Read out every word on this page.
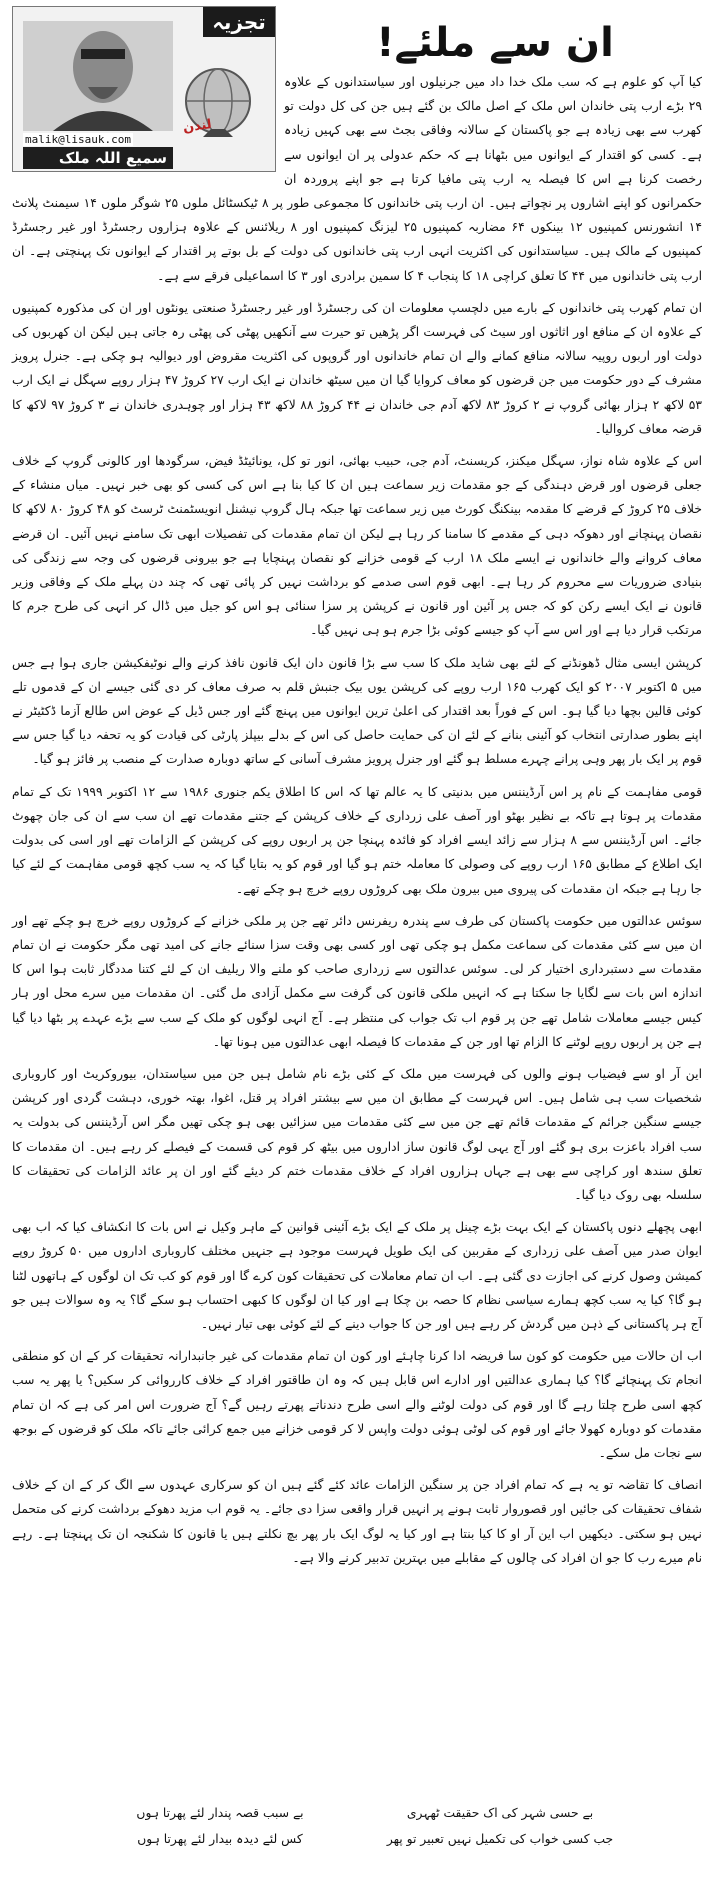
تجزیہ
لندن
malik@lisauk.com
سمیع اللہ ملک
ان سے ملئے!

کیا آپ کو علوم ہے کہ سب ملک خدا داد میں جرنیلوں اور سیاستدانوں کے علاوہ ۲۹ بڑے ارب پتی خاندان اس ملک کے اصل مالک بن گئے ہیں جن کی کل دولت تو کھرب سے بھی زیادہ ہے جو پاکستان کے سالانہ وفاقی بجٹ سے بھی کہیں زیادہ ہے۔ کسی کو اقتدار کے ایوانوں میں بٹھانا ہے کہ حکم عدولی پر ان ایوانوں سے رخصت کرنا ہے اس کا فیصلہ یہ ارب پتی مافیا کرتا ہے جو اپنے پروردہ ان حکمرانوں کو اپنے اشاروں پر نچواتے ہیں۔ ان ارب پتی خاندانوں کا مجموعی طور پر ۸ ٹیکسٹائل ملوں ۲۵ شوگر ملوں ۱۴ سیمنٹ پلانٹ ۱۴ انشورنس کمپنیوں ۱۲ بینکوں ۶۴ مضاربہ کمپنیوں ۲۵ لیزنگ کمپنیوں اور ۸ ریلائنس کے علاوہ ہزاروں رجسٹرڈ اور غیر رجسٹرڈ کمپنیوں کے مالک ہیں۔ سیاستدانوں کی اکثریت انہی ارب پتی خاندانوں کی دولت کے بل بوتے پر اقتدار کے ایوانوں تک پہنچتی ہے۔ ان ارب پتی خاندانوں میں ۴۴ کا تعلق کراچی ۱۸ کا پنجاب ۴ کا سمین برادری اور ۳ کا اسماعیلی فرقے سے ہے۔

ان تمام کھرب پتی خاندانوں کے بارے میں دلچسپ معلومات ان کی رجسٹرڈ اور غیر رجسٹرڈ صنعتی یونٹوں اور ان کی مذکورہ کمپنیوں کے علاوہ ان کے منافع اور اثاثوں اور سیٹ کی فہرست اگر پڑھیں تو حیرت سے آنکھیں پھٹی کی پھٹی رہ جاتی ہیں لیکن ان کھربوں کی دولت اور اربوں روپیہ سالانہ منافع کمانے والے ان تمام خاندانوں اور گروپوں کی اکثریت مقروض اور دیوالیہ ہو چکی ہے۔ جنرل پرویز مشرف کے دور حکومت میں جن قرضوں کو معاف کروایا گیا ان میں سیٹھ خاندان نے ایک ارب ۲۷ کروڑ ۴۷ ہزار روپے سہگل نے ایک ارب ۵۳ لاکھ ۲ ہزار بھائی گروپ نے ۲ کروڑ ۸۳ لاکھ آدم جی خاندان نے ۴۴ کروڑ ۸۸ لاکھ ۴۳ ہزار اور چوہدری خاندان نے ۳ کروڑ ۹۷ لاکھ کا قرضہ معاف کروالیا۔

اس کے علاوہ شاہ نواز، سہگل میکنز، کریسنٹ، آدم جی، حبیب بھائی، انور تو کل، یونائیٹڈ فیض، سرگودھا اور کالونی گروپ کے خلاف جعلی قرضوں اور قرض دہندگی کے جو مقدمات زیر سماعت ہیں ان کا کیا بنا ہے اس کی کسی کو بھی خبر نہیں۔ میاں منشاء کے خلاف ۲۵ کروڑ کے قرضے کا مقدمہ بینکنگ کورٹ میں زیر سماعت تھا جبکہ ہال گروپ نیشنل انویسٹمنٹ ٹرسٹ کو ۴۸ کروڑ ۸۰ لاکھ کا نقصان پہنچانے اور دھوکہ دہی کے مقدمے کا سامنا کر رہا ہے لیکن ان تمام مقدمات کی تفصیلات ابھی تک سامنے نہیں آئیں۔ ان قرضے معاف کروانے والے خاندانوں نے ایسے ملک ۱۸ ارب کے قومی خزانے کو نقصان پہنچایا ہے جو بیرونی قرضوں کی وجہ سے زندگی کی بنیادی ضروریات سے محروم کر رہا ہے۔ ابھی قوم اسی صدمے کو برداشت نہیں کر پائی تھی کہ چند دن پہلے ملک کے وفاقی وزیر قانون نے ایک ایسے رکن کو کہ جس پر آئین اور قانون نے کرپشن پر سزا سنائی ہو اس کو جیل میں ڈال کر انہی کی طرح جرم کا مرتکب قرار دیا ہے اور اس سے آپ کو جیسے کوئی بڑا جرم ہو ہی نہیں گیا۔

کرپشن ایسی مثال ڈھونڈنے کے لئے بھی شاید ملک کا سب سے بڑا قانون دان ایک قانون نافذ کرنے والے نوٹیفکیشن جاری ہوا ہے جس میں ۵ اکتوبر ۲۰۰۷ کو ایک کھرب ۱۶۵ ارب روپے کی کرپشن یوں بیک جنبش قلم بہ صرف معاف کر دی گئی جیسے ان کے قدموں تلے کوئی قالین بچھا دیا گیا ہو۔ اس کے فوراً بعد اقتدار کی اعلیٰ ترین ایوانوں میں پہنچ گئے اور جس ڈیل کے عوض اس طالع آزما ڈکٹیٹر نے اپنے بطور صدارتی انتخاب کو آئینی بنانے کے لئے ان کی حمایت حاصل کی اس کے بدلے بیپلز پارٹی کی قیادت کو یہ تحفہ دیا گیا جس سے قوم پر ایک بار پھر وہی پرانے چہرے مسلط ہو گئے اور جنرل پرویز مشرف آسانی کے ساتھ دوبارہ صدارت کے منصب پر فائز ہو گیا۔

قومی مفاہمت کے نام پر اس آرڈیننس میں بدنیتی کا یہ عالم تھا کہ اس کا اطلاق یکم جنوری ۱۹۸۶ سے ۱۲ اکتوبر ۱۹۹۹ تک کے تمام مقدمات پر ہوتا ہے تاکہ بے نظیر بھٹو اور آصف علی زرداری کے خلاف کرپشن کے جتنے مقدمات تھے ان سب سے ان کی جان چھوٹ جائے۔ اس آرڈیننس سے ۸ ہزار سے زائد ایسے افراد کو فائدہ پہنچا جن پر اربوں روپے کی کرپشن کے الزامات تھے اور اسی کی بدولت ایک اطلاع کے مطابق ۱۶۵ ارب روپے کی وصولی کا معاملہ ختم ہو گیا اور قوم کو یہ بتایا گیا کہ یہ سب کچھ قومی مفاہمت کے لئے کیا جا رہا ہے جبکہ ان مقدمات کی پیروی میں بیرون ملک بھی کروڑوں روپے خرچ ہو چکے تھے۔

سوئس عدالتوں میں حکومت پاکستان کی طرف سے پندرہ ریفرنس دائر تھے جن پر ملکی خزانے کے کروڑوں روپے خرچ ہو چکے تھے اور ان میں سے کئی مقدمات کی سماعت مکمل ہو چکی تھی اور کسی بھی وقت سزا سنائے جانے کی امید تھی مگر حکومت نے ان تمام مقدمات سے دستبرداری اختیار کر لی۔ سوئس عدالتوں سے زرداری صاحب کو ملنے والا ریلیف ان کے لئے کتنا مددگار ثابت ہوا اس کا اندازہ اس بات سے لگایا جا سکتا ہے کہ انہیں ملکی قانون کی گرفت سے مکمل آزادی مل گئی۔ ان مقدمات میں سرے محل اور ہار کیس جیسے معاملات شامل تھے جن پر قوم اب تک جواب کی منتظر ہے۔ آج انہی لوگوں کو ملک کے سب سے بڑے عہدے پر بٹھا دیا گیا ہے جن پر اربوں روپے لوٹنے کا الزام تھا اور جن کے مقدمات کا فیصلہ ابھی عدالتوں میں ہونا تھا۔

این آر او سے فیضیاب ہونے والوں کی فہرست میں ملک کے کئی بڑے نام شامل ہیں جن میں سیاستدان، بیوروکریٹ اور کاروباری شخصیات سب ہی شامل ہیں۔ اس فہرست کے مطابق ان میں سے بیشتر افراد پر قتل، اغوا، بھتہ خوری، دہشت گردی اور کرپشن جیسے سنگین جرائم کے مقدمات قائم تھے جن میں سے کئی مقدمات میں سزائیں بھی ہو چکی تھیں مگر اس آرڈیننس کی بدولت یہ سب افراد باعزت بری ہو گئے اور آج یہی لوگ قانون ساز اداروں میں بیٹھ کر قوم کی قسمت کے فیصلے کر رہے ہیں۔ ان مقدمات کا تعلق سندھ اور کراچی سے بھی ہے جہاں ہزاروں افراد کے خلاف مقدمات ختم کر دیئے گئے اور ان پر عائد الزامات کی تحقیقات کا سلسلہ بھی روک دیا گیا۔

ابھی پچھلے دنوں پاکستان کے ایک بہت بڑے چینل پر ملک کے ایک بڑے آئینی قوانین کے ماہر وکیل نے اس بات کا انکشاف کیا کہ اب بھی ایوان صدر میں آصف علی زرداری کے مقربین کی ایک طویل فہرست موجود ہے جنہیں مختلف کاروباری اداروں میں ۵۰ کروڑ روپے کمیشن وصول کرنے کی اجازت دی گئی ہے۔ اب ان تمام معاملات کی تحقیقات کون کرے گا اور قوم کو کب تک ان لوگوں کے ہاتھوں لٹنا ہو گا؟ کیا یہ سب کچھ ہمارے سیاسی نظام کا حصہ بن چکا ہے اور کیا ان لوگوں کا کبھی احتساب ہو سکے گا؟ یہ وہ سوالات ہیں جو آج ہر پاکستانی کے ذہن میں گردش کر رہے ہیں اور جن کا جواب دینے کے لئے کوئی بھی تیار نہیں۔

اب ان حالات میں حکومت کو کون سا فریضہ ادا کرنا چاہئے اور کون ان تمام مقدمات کی غیر جانبدارانہ تحقیقات کر کے ان کو منطقی انجام تک پہنچائے گا؟ کیا ہماری عدالتیں اور ادارے اس قابل ہیں کہ وہ ان طاقتور افراد کے خلاف کارروائی کر سکیں؟ یا پھر یہ سب کچھ اسی طرح چلتا رہے گا اور قوم کی دولت لوٹنے والے اسی طرح دندناتے پھرتے رہیں گے؟ آج ضرورت اس امر کی ہے کہ ان تمام مقدمات کو دوبارہ کھولا جائے اور قوم کی لوٹی ہوئی دولت واپس لا کر قومی خزانے میں جمع کرائی جائے تاکہ ملک کو قرضوں کے بوجھ سے نجات مل سکے۔

انصاف کا تقاضہ تو یہ ہے کہ تمام افراد جن پر سنگین الزامات عائد کئے گئے ہیں ان کو سرکاری عہدوں سے الگ کر کے ان کے خلاف شفاف تحقیقات کی جائیں اور قصوروار ثابت ہونے پر انہیں قرار واقعی سزا دی جائے۔ یہ قوم اب مزید دھوکے برداشت کرنے کی متحمل نہیں ہو سکتی۔ دیکھیں اب این آر او کا کیا بنتا ہے اور کیا یہ لوگ ایک بار پھر بچ نکلتے ہیں یا قانون کا شکنجہ ان تک پہنچتا ہے۔ رہے نام میرے رب کا جو ان افراد کی چالوں کے مقابلے میں بہترین تدبیر کرنے والا ہے۔

بے حسی شہر کی اک حقیقت ٹھہری
بے سبب قصہ پندار لئے پھرتا ہوں
جب کسی خواب کی تکمیل نہیں تعبیر تو پھر
کس لئے دیدہ بیدار لئے پھرتا ہوں
